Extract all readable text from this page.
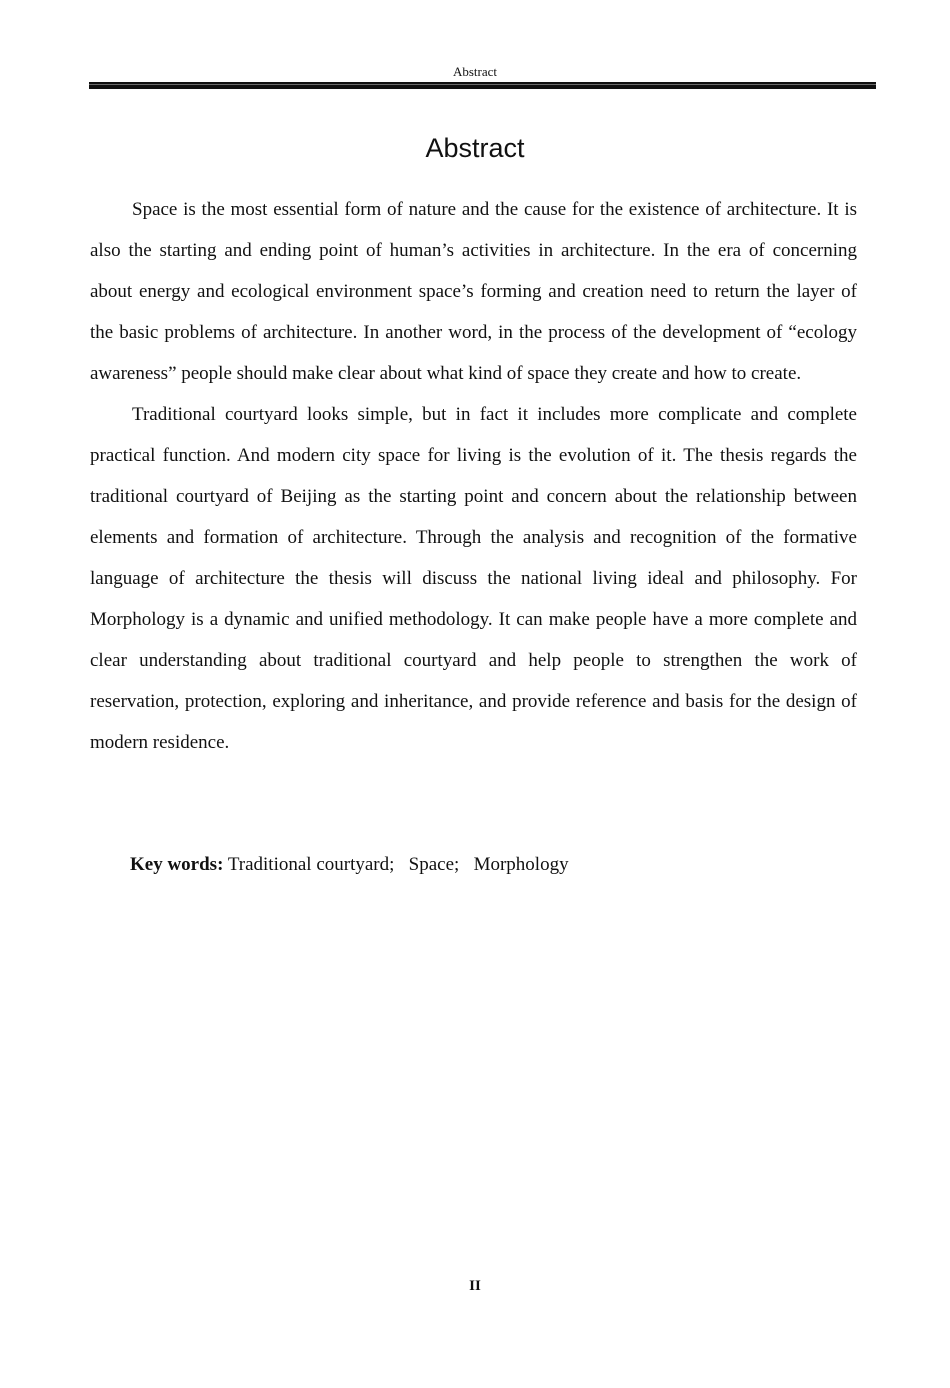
Abstract
Abstract

Space is the most essential form of nature and the cause for the existence of architecture. It is also the starting and ending point of human’s activities in architecture. In the era of concerning about energy and ecological environment space’s forming and creation need to return the layer of the basic problems of architecture. In another word, in the process of the development of “ecology awareness” people should make clear about what kind of space they create and how to create.

Traditional courtyard looks simple, but in fact it includes more complicate and complete practical function. And modern city space for living is the evolution of it. The thesis regards the traditional courtyard of Beijing as the starting point and concern about the relationship between elements and formation of architecture. Through the analysis and recognition of the formative language of architecture the thesis will discuss the national living ideal and philosophy. For Morphology is a dynamic and unified methodology. It can make people have a more complete and clear understanding about traditional courtyard and help people to strengthen the work of reservation, protection, exploring and inheritance, and provide reference and basis for the design of modern residence.

Key words: Traditional courtyard; Space; Morphology
II
